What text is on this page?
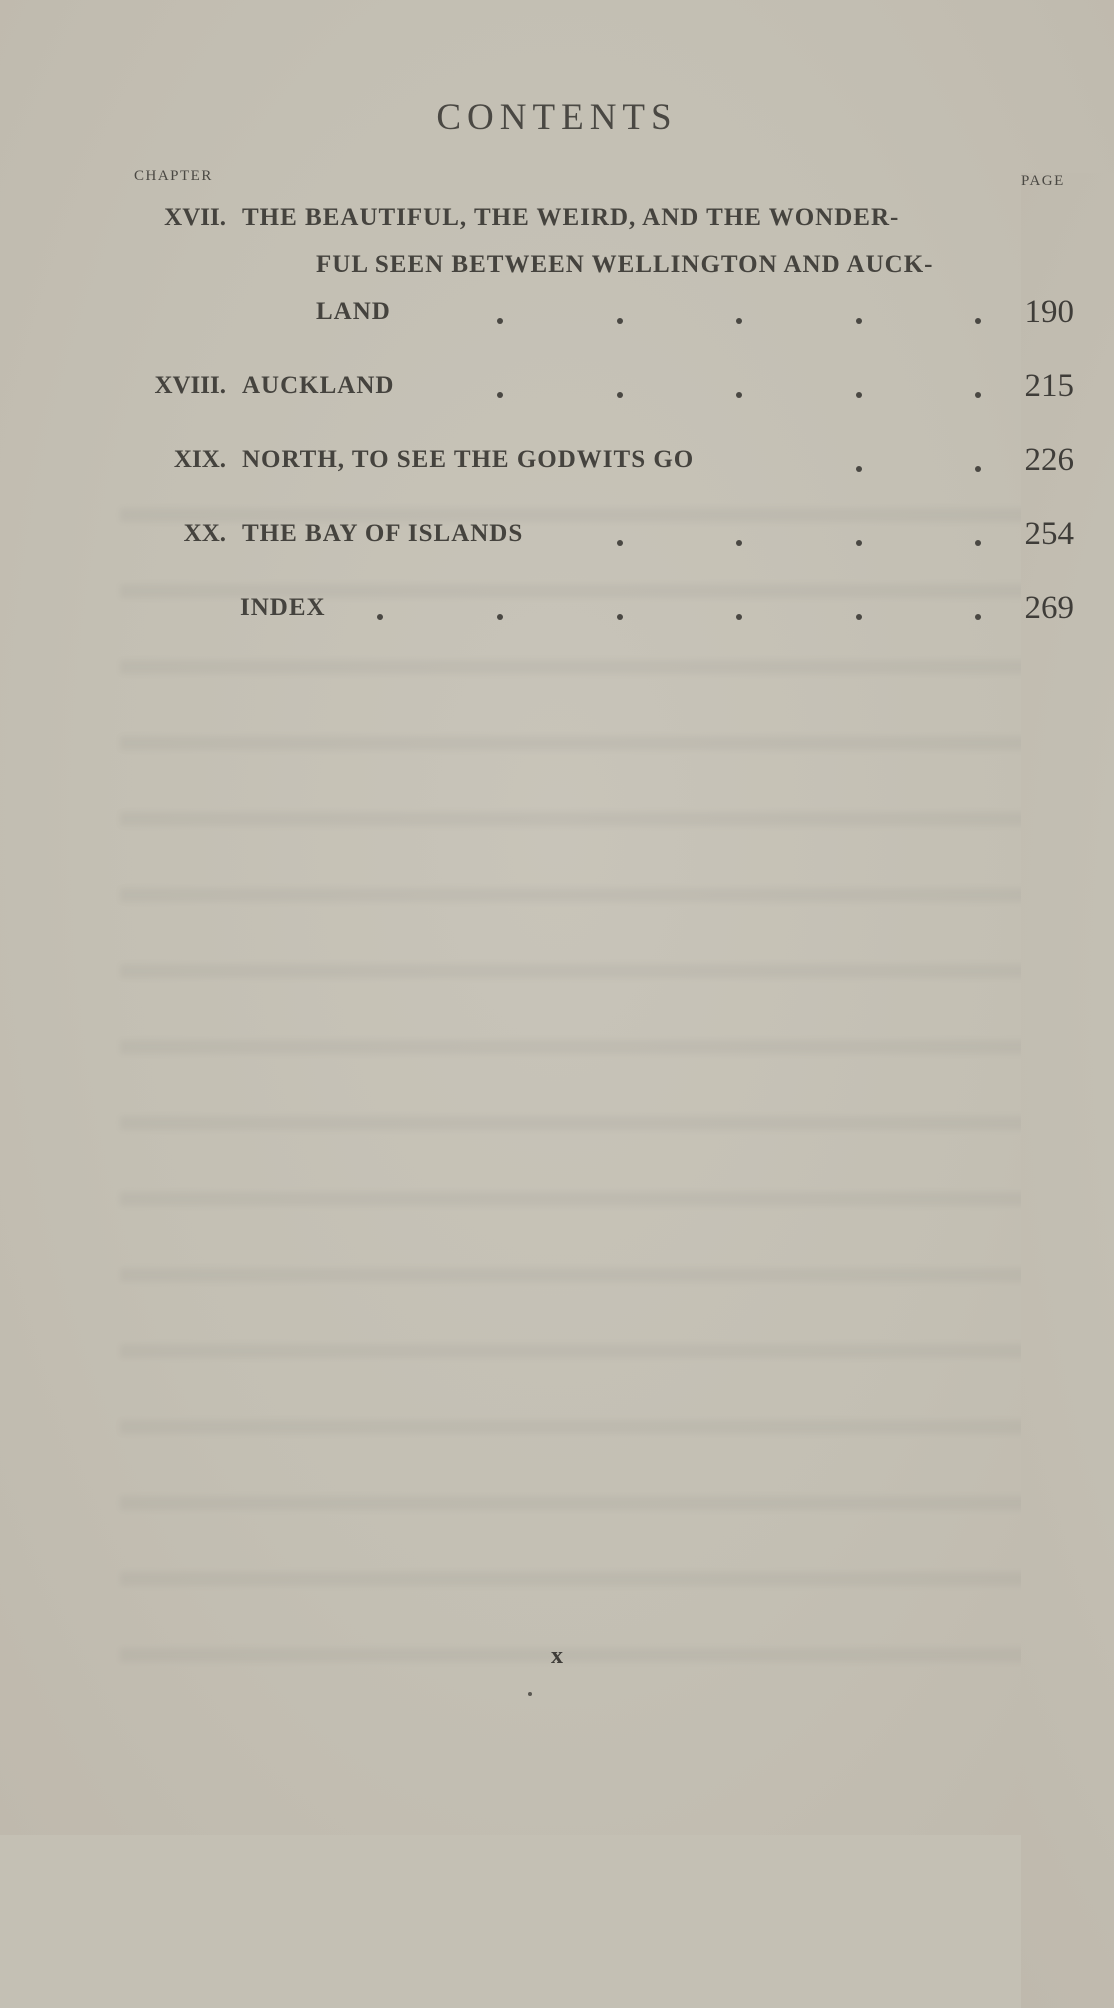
CONTENTS
CHAPTER	PAGE
XVII. THE BEAUTIFUL, THE WEIRD, AND THE WONDER-
FUL SEEN BETWEEN WELLINGTON AND AUCK-
LAND	190
XVIII. AUCKLAND	215
XIX. NORTH, TO SEE THE GODWITS GO	226
XX. THE BAY OF ISLANDS	254
INDEX	269
x
